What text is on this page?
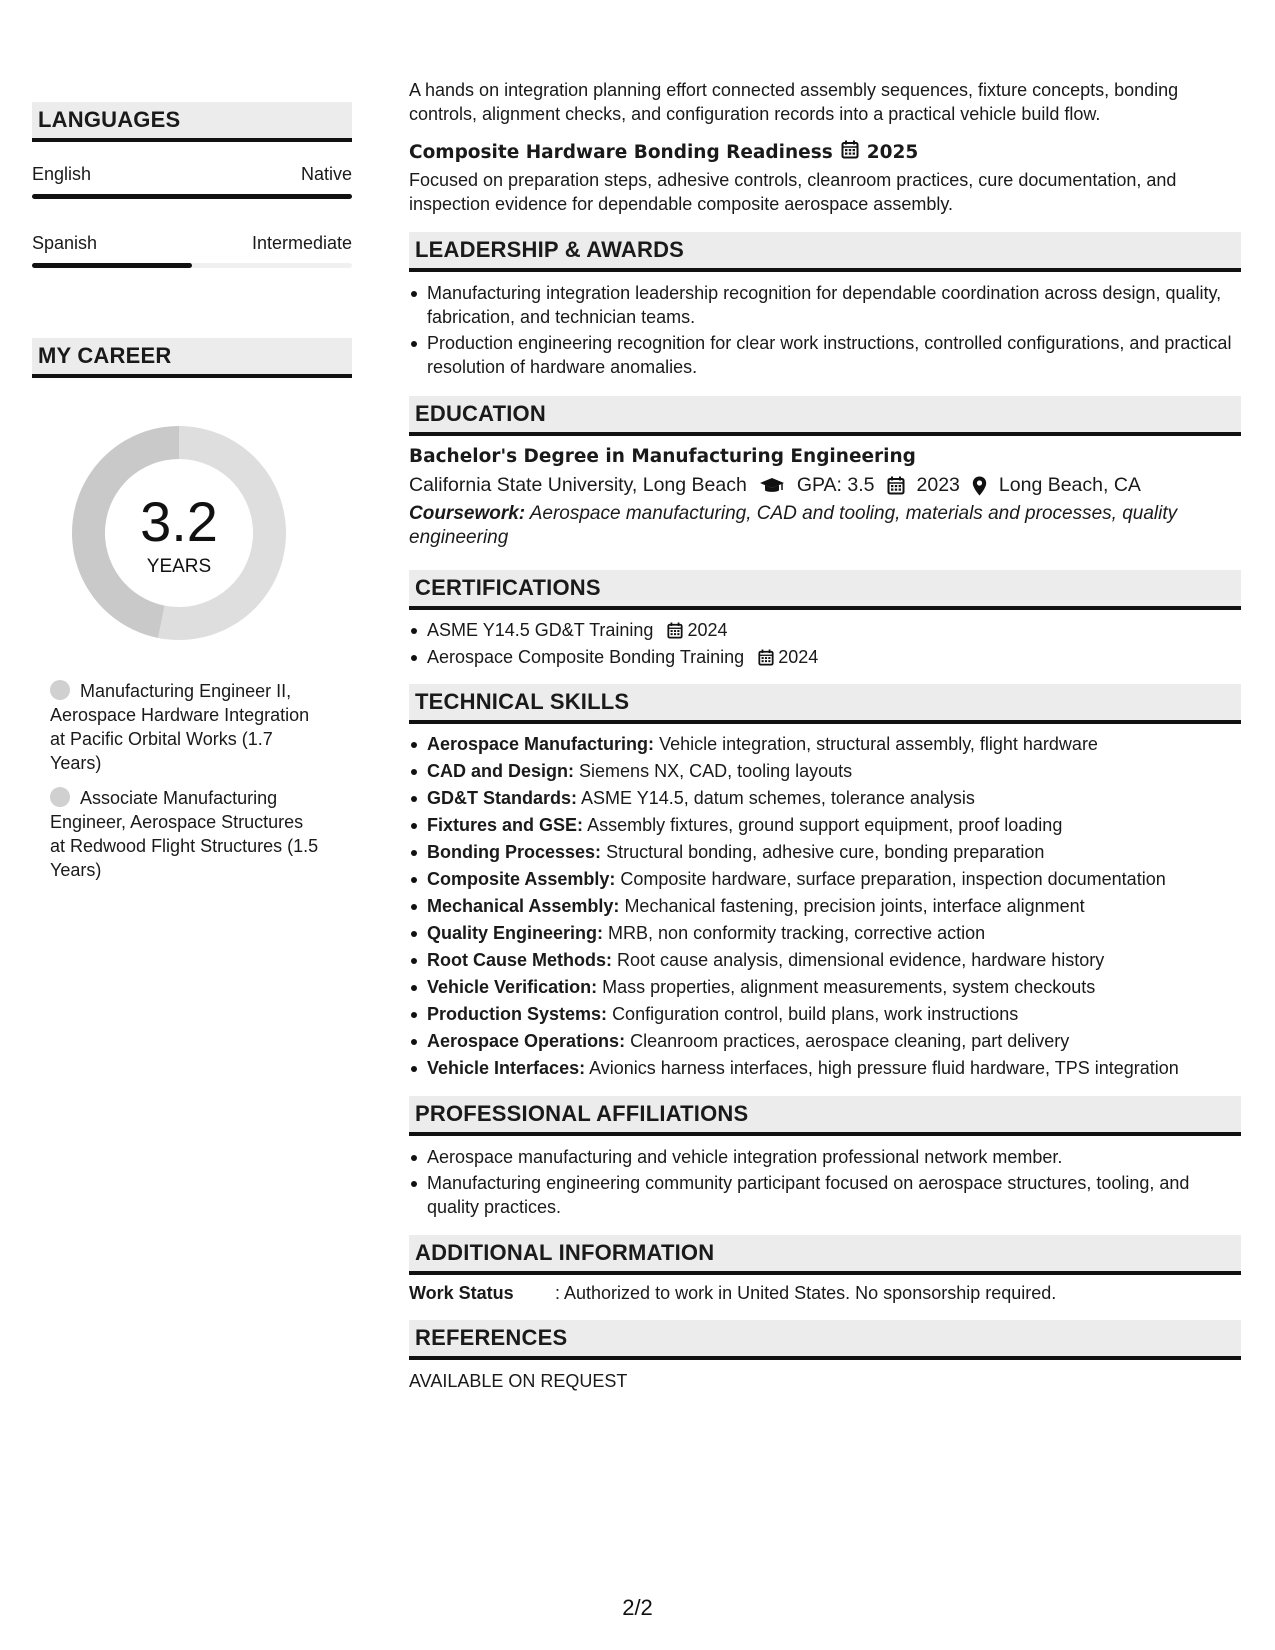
LANGUAGES
English	Native
Spanish	Intermediate
MY CAREER
3.2
YEARS
Manufacturing Engineer II, Aerospace Hardware Integration at Pacific Orbital Works (1.7 Years)
Associate Manufacturing Engineer, Aerospace Structures at Redwood Flight Structures (1.5 Years)
A hands on integration planning effort connected assembly sequences, fixture concepts, bonding controls, alignment checks, and configuration records into a practical vehicle build flow.
Composite Hardware Bonding Readiness 2025
Focused on preparation steps, adhesive controls, cleanroom practices, cure documentation, and inspection evidence for dependable composite aerospace assembly.
LEADERSHIP & AWARDS
Manufacturing integration leadership recognition for dependable coordination across design, quality, fabrication, and technician teams.
Production engineering recognition for clear work instructions, controlled configurations, and practical resolution of hardware anomalies.
EDUCATION
Bachelor's Degree in Manufacturing Engineering
California State University, Long Beach	GPA: 3.5 2023 Long Beach, CA
Coursework: Aerospace manufacturing, CAD and tooling, materials and processes, quality engineering
CERTIFICATIONS
ASME Y14.5 GD&T Training 2024
Aerospace Composite Bonding Training 2024
TECHNICAL SKILLS
Aerospace Manufacturing: Vehicle integration, structural assembly, flight hardware
CAD and Design: Siemens NX, CAD, tooling layouts
GD&T Standards: ASME Y14.5, datum schemes, tolerance analysis
Fixtures and GSE: Assembly fixtures, ground support equipment, proof loading
Bonding Processes: Structural bonding, adhesive cure, bonding preparation
Composite Assembly: Composite hardware, surface preparation, inspection documentation
Mechanical Assembly: Mechanical fastening, precision joints, interface alignment
Quality Engineering: MRB, non conformity tracking, corrective action
Root Cause Methods: Root cause analysis, dimensional evidence, hardware history
Vehicle Verification: Mass properties, alignment measurements, system checkouts
Production Systems: Configuration control, build plans, work instructions
Aerospace Operations: Cleanroom practices, aerospace cleaning, part delivery
Vehicle Interfaces: Avionics harness interfaces, high pressure fluid hardware, TPS integration
PROFESSIONAL AFFILIATIONS
Aerospace manufacturing and vehicle integration professional network member.
Manufacturing engineering community participant focused on aerospace structures, tooling, and quality practices.
ADDITIONAL INFORMATION
Work Status	: Authorized to work in United States. No sponsorship required.
REFERENCES
AVAILABLE ON REQUEST
2/2
